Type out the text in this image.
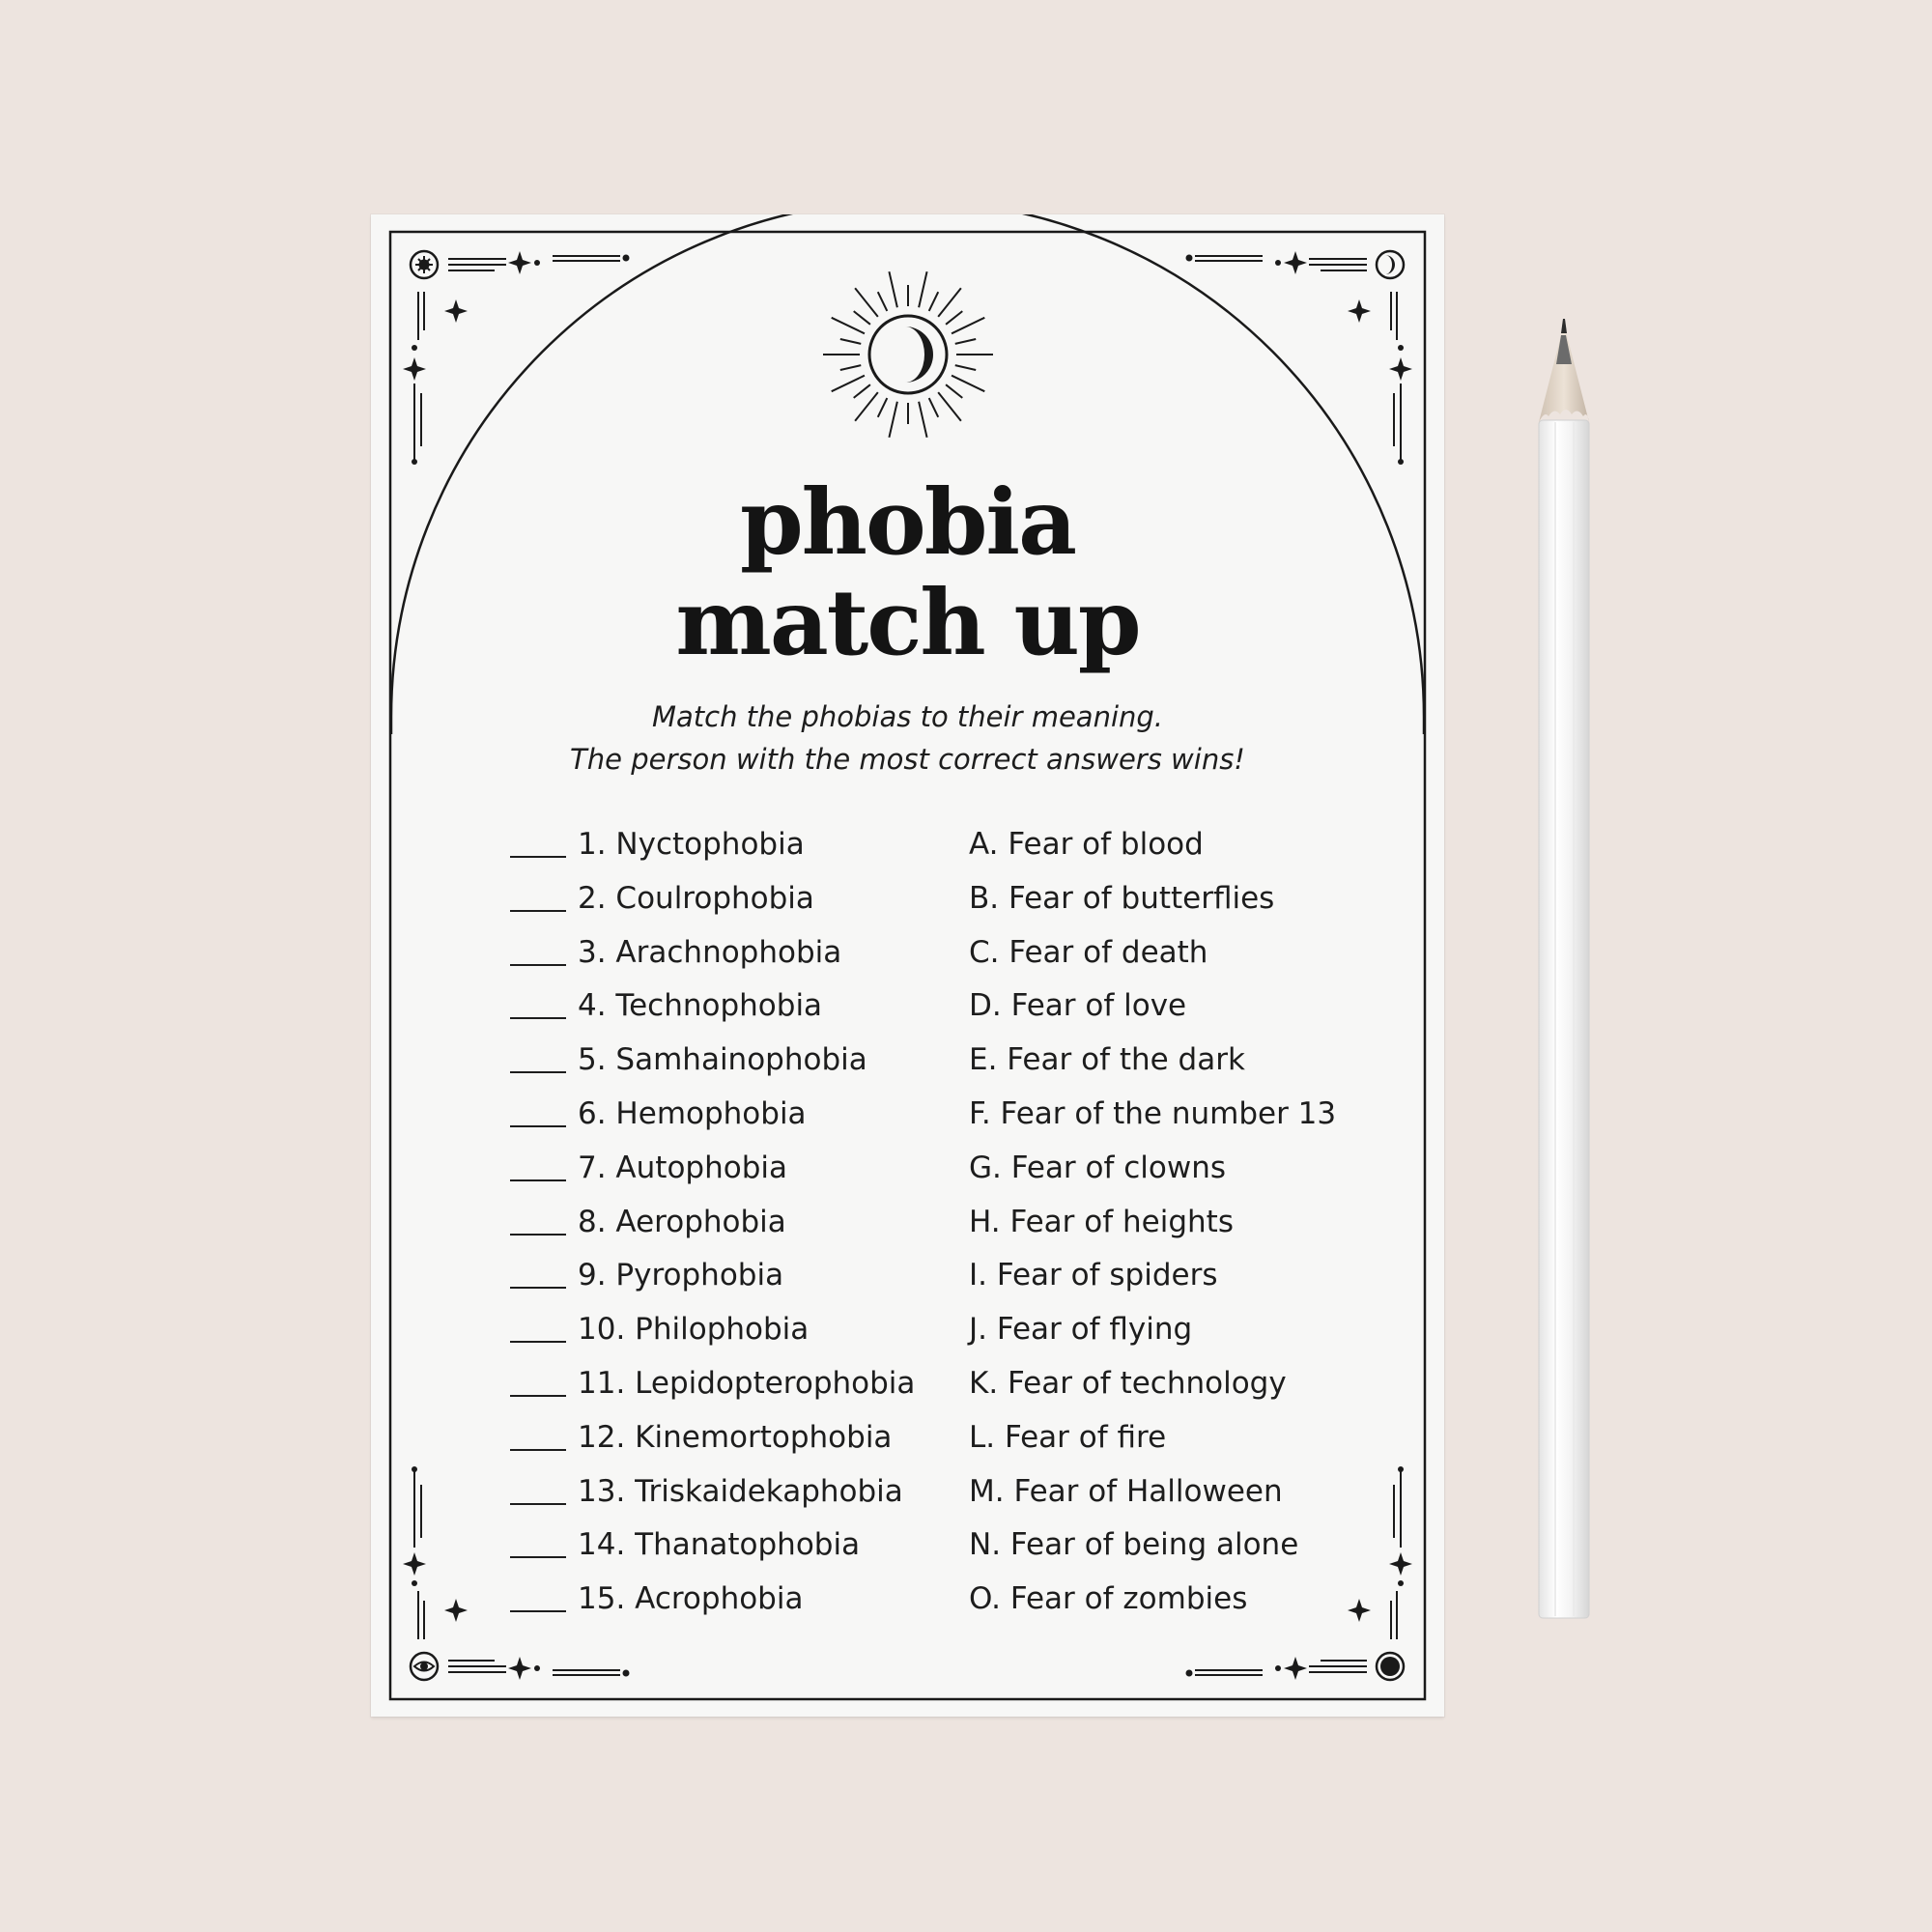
phobia
match up
Match the phobias to their meaning.
The person with the most correct answers wins!
1. Nyctophobia
2. Coulrophobia
3. Arachnophobia
4. Technophobia
5. Samhainophobia
6. Hemophobia
7. Autophobia
8. Aerophobia
9. Pyrophobia
10. Philophobia
11. Lepidopterophobia
12. Kinemortophobia
13. Triskaidekaphobia
14. Thanatophobia
15. Acrophobia
A. Fear of blood
B. Fear of butterflies
C. Fear of death
D. Fear of love
E. Fear of the dark
F. Fear of the number 13
G. Fear of clowns
H. Fear of heights
I. Fear of spiders
J. Fear of flying
K. Fear of technology
L. Fear of fire
M. Fear of Halloween
N. Fear of being alone
O. Fear of zombies
